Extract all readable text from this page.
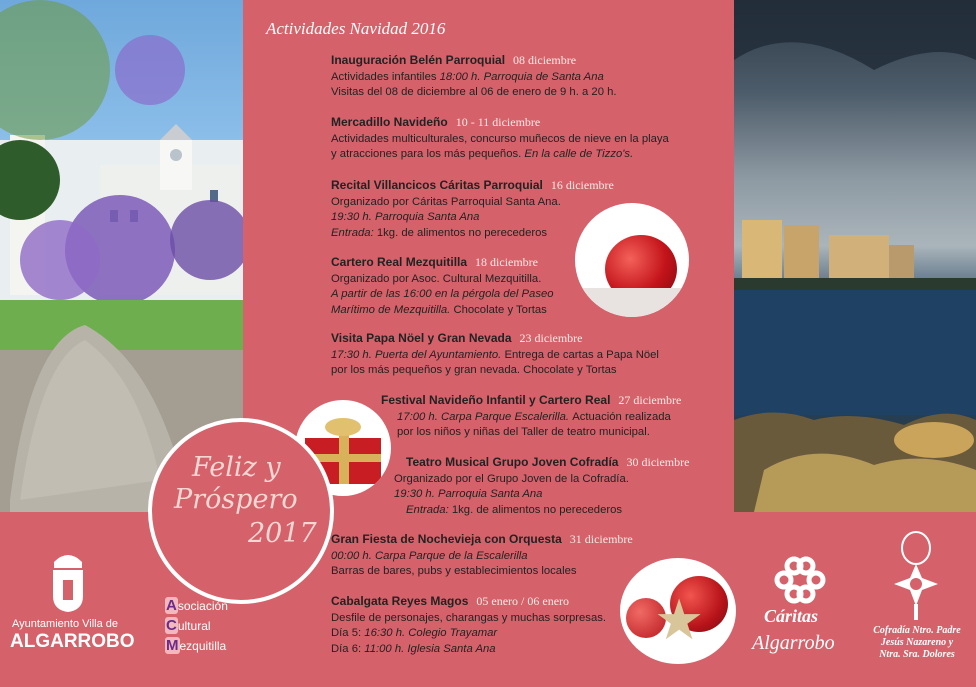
Actividades Navidad 2016
★
Feliz y
Próspero
2017

Inauguración Belén Parroquial 08 diciembre

Actividades infantiles 18:00 h. Parroquia de Santa Ana

Visitas del 08 de diciembre al 06 de enero de 9 h. a 20 h.

Mercadillo Navideño 10 - 11 diciembre

Actividades multiculturales, concurso muñecos de nieve en la playa

y atracciones para los más pequeños. En la calle de Tizzo's.

Recital Villancicos Cáritas Parroquial 16 diciembre

Organizado por Cáritas Parroquial Santa Ana.

19:30 h. Parroquia Santa Ana

Entrada: 1kg. de alimentos no perecederos

Cartero Real Mezquitilla 18 diciembre

Organizado por Asoc. Cultural Mezquitilla.

A partir de las 16:00 en la pérgola del Paseo

Marítimo de Mezquitilla. Chocolate y Tortas

Visita Papa Nöel y Gran Nevada 23 diciembre

17:30 h. Puerta del Ayuntamiento. Entrega de cartas a Papa Nöel

por los más pequeños y gran nevada. Chocolate y Tortas

Festival Navideño Infantil y Cartero Real 27 diciembre

17:00 h. Carpa Parque Escalerilla. Actuación realizada

por los niños y niñas del Taller de teatro municipal.

Teatro Musical Grupo Joven Cofradía 30 diciembre

Organizado por el Grupo Joven de la Cofradía.

19:30 h. Parroquia Santa Ana

Entrada: 1kg. de alimentos no perecederos

Gran Fiesta de Nochevieja con Orquesta 31 diciembre

00:00 h. Carpa Parque de la Escalerilla

Barras de bares, pubs y establecimientos locales

Cabalgata Reyes Magos 05 enero / 06 enero

Desfile de personajes, charangas y muchas sorpresas.

Día 5: 16:30 h. Colegio Trayamar

Día 6: 11:00 h. Iglesia Santa Ana

Ayuntamiento Villa de
ALGARROBO
Asociación
Cultural
Mezquitilla
Cáritas
Algarrobo
Cofradía Ntro. Padre
Jesús Nazareno y
Ntra. Sra. Dolores
